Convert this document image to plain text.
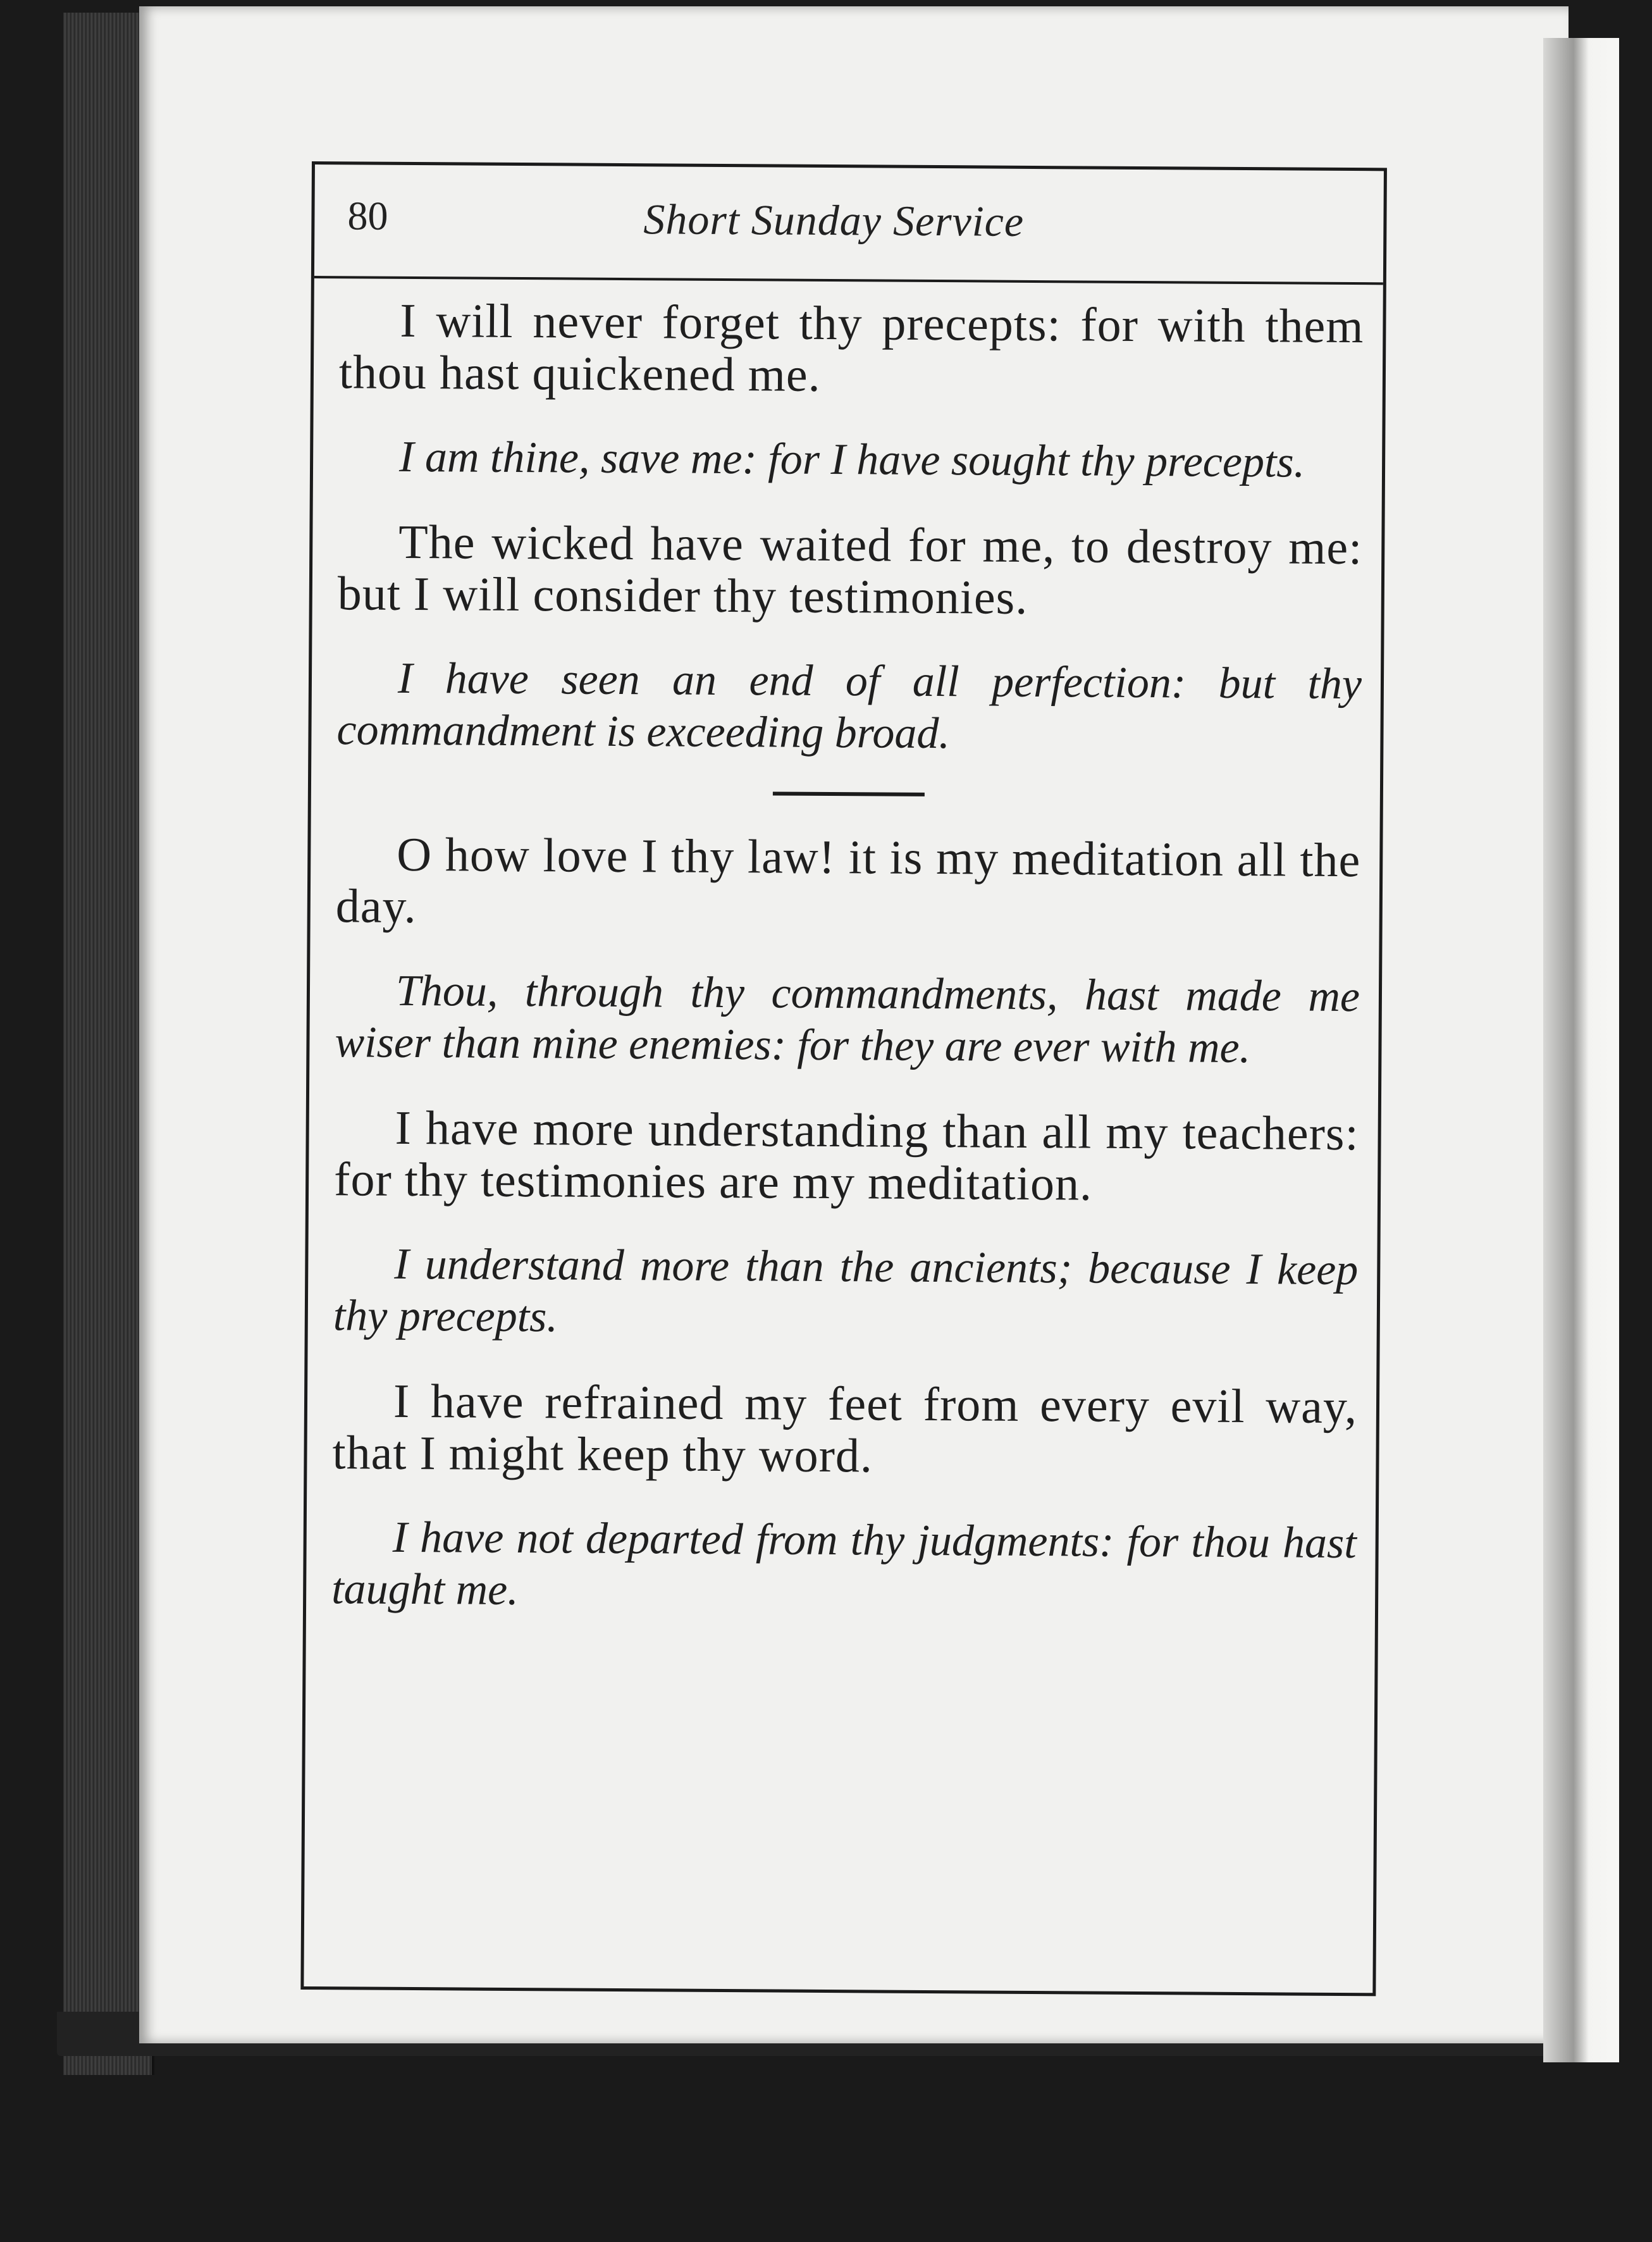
80	Short Sunday Service

I will never forget thy precepts: for with them thou hast quickened me.

I am thine, save me: for I have sought thy precepts.

The wicked have waited for me, to destroy me: but I will consider thy testimonies.

I have seen an end of all perfection: but thy commandment is exceeding broad.

O how love I thy law! it is my meditation all the day.

Thou, through thy commandments, hast made me wiser than mine enemies: for they are ever with me.

I have more understanding than all my teachers: for thy testimonies are my meditation.

I understand more than the ancients; because I keep thy precepts.

I have refrained my feet from every evil way, that I might keep thy word.

I have not departed from thy judgments: for thou hast taught me.
